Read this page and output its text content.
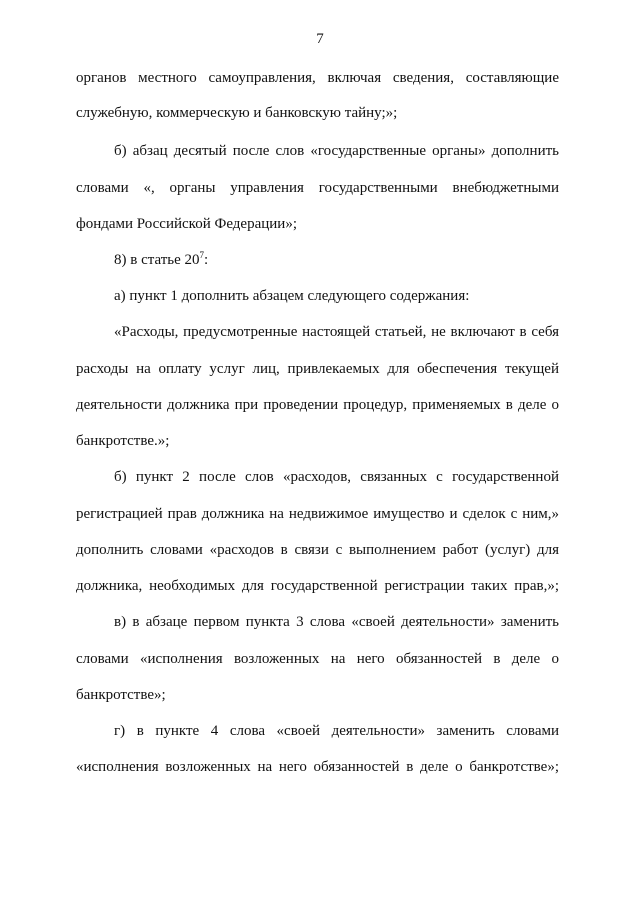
7
органов местного самоуправления, включая сведения, составляющие
служебную, коммерческую и банковскую тайну;»;
б) абзац десятый после слов «государственные органы» дополнить
словами «, органы управления государственными внебюджетными
фондами Российской Федерации»;
8) в статье $20^7$:
а) пункт 1 дополнить абзацем следующего содержания:
«Расходы, предусмотренные настоящей статьей, не включают в себя
расходы на оплату услуг лиц, привлекаемых для обеспечения текущей
деятельности должника при проведении процедур, применяемых в деле о
банкротстве.»;
б) пункт 2 после слов «расходов, связанных с государственной
регистрацией прав должника на недвижимое имущество и сделок с ним,»
дополнить словами «расходов в связи с выполнением работ (услуг) для
должника, необходимых для государственной регистрации таких прав,»;
в) в абзаце первом пункта 3 слова «своей деятельности» заменить
словами «исполнения возложенных на него обязанностей в деле о
банкротстве»;
г) в пункте 4 слова «своей деятельности» заменить словами
«исполнения возложенных на него обязанностей в деле о банкротстве»;
